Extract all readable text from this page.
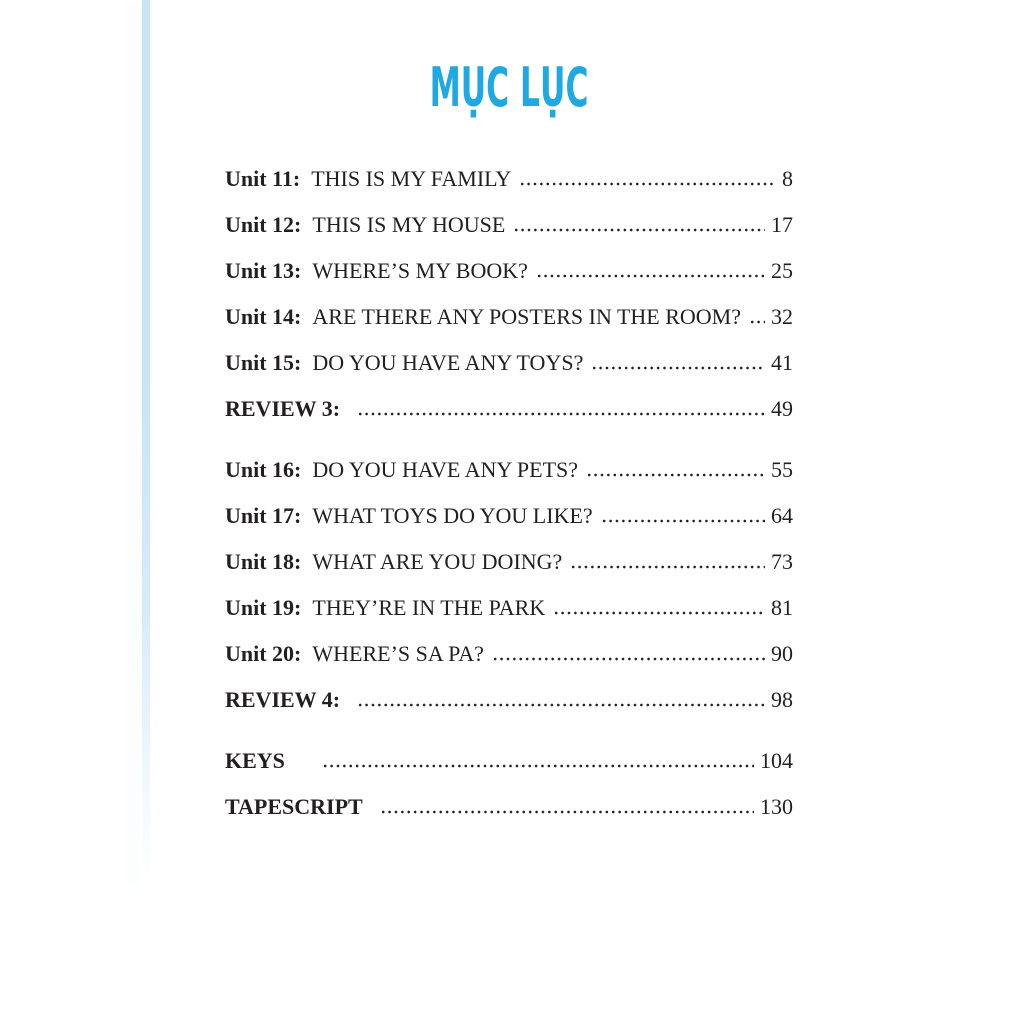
MỤC LỤC
Unit 11: THIS IS MY FAMILY	8
Unit 12: THIS IS MY HOUSE	17
Unit 13: WHERE’S MY BOOK?	25
Unit 14: ARE THERE ANY POSTERS IN THE ROOM? 32
Unit 15: DO YOU HAVE ANY TOYS?	41
REVIEW 3:	49
Unit 16: DO YOU HAVE ANY PETS?	55
Unit 17: WHAT TOYS DO YOU LIKE?	64
Unit 18: WHAT ARE YOU DOING?	73
Unit 19: THEY’RE IN THE PARK	81
Unit 20: WHERE’S SA PA?	90
REVIEW 4:	98
KEYS	104
TAPESCRIPT	130
